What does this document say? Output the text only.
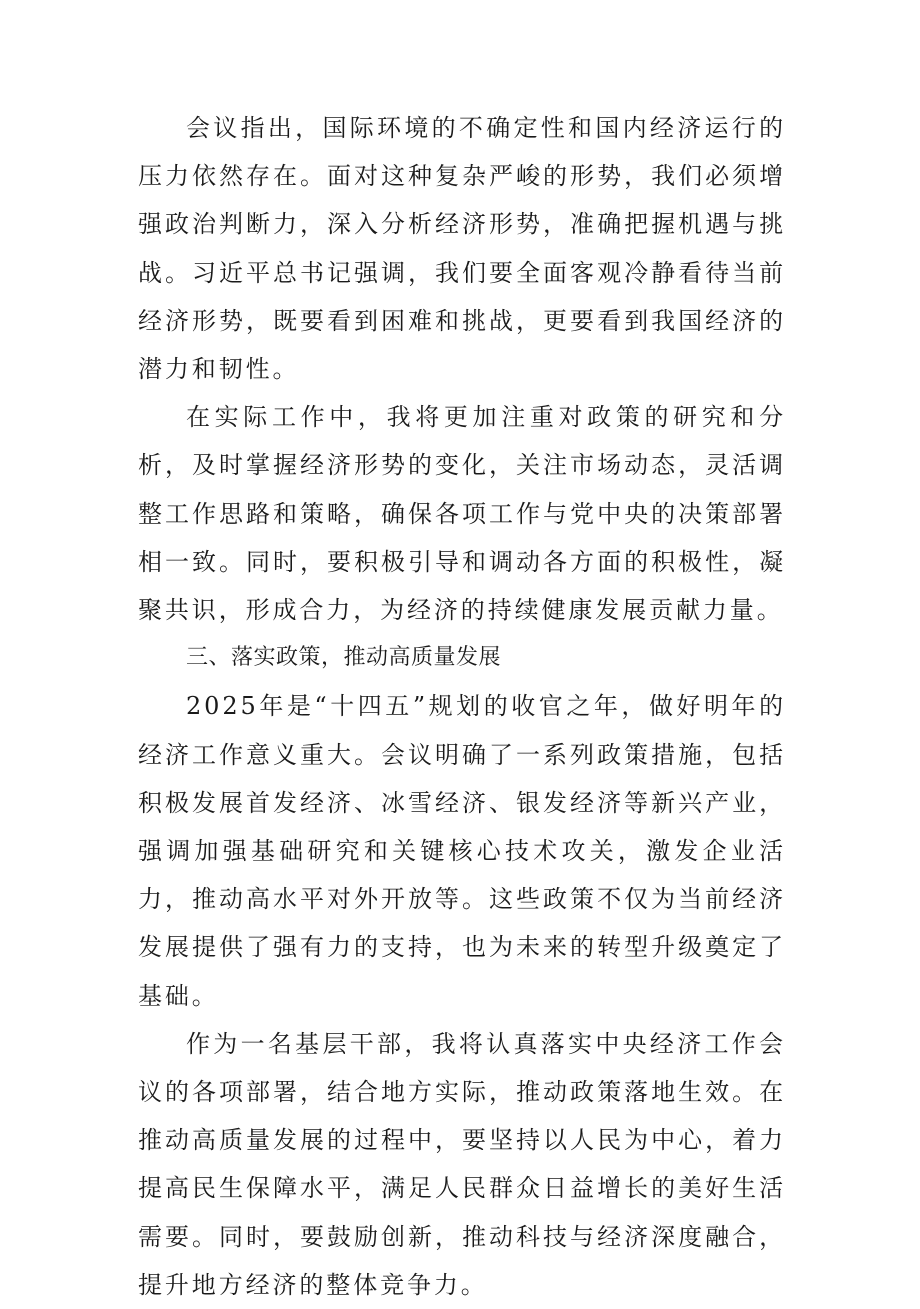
会议指出，国际环境的不确定性和国内经济运行的压力依然存在。面对这种复杂严峻的形势，我们必须增强政治判断力，深入分析经济形势，准确把握机遇与挑战。习近平总书记强调，我们要全面客观冷静看待当前经济形势，既要看到困难和挑战，更要看到我国经济的潜力和韧性。

在实际工作中，我将更加注重对政策的研究和分析，及时掌握经济形势的变化，关注市场动态，灵活调整工作思路和策略，确保各项工作与党中央的决策部署相一致。同时，要积极引导和调动各方面的积极性，凝聚共识，形成合力，为经济的持续健康发展贡献力量。

三、落实政策，推动高质量发展

2025年是“十四五”规划的收官之年，做好明年的经济工作意义重大。会议明确了一系列政策措施，包括积极发展首发经济、冰雪经济、银发经济等新兴产业，强调加强基础研究和关键核心技术攻关，激发企业活力，推动高水平对外开放等。这些政策不仅为当前经济发展提供了强有力的支持，也为未来的转型升级奠定了基础。

作为一名基层干部，我将认真落实中央经济工作会议的各项部署，结合地方实际，推动政策落地生效。在推动高质量发展的过程中，要坚持以人民为中心，着力提高民生保障水平，满足人民群众日益增长的美好生活需要。同时，要鼓励创新，推动科技与经济深度融合，提升地方经济的整体竞争力。
